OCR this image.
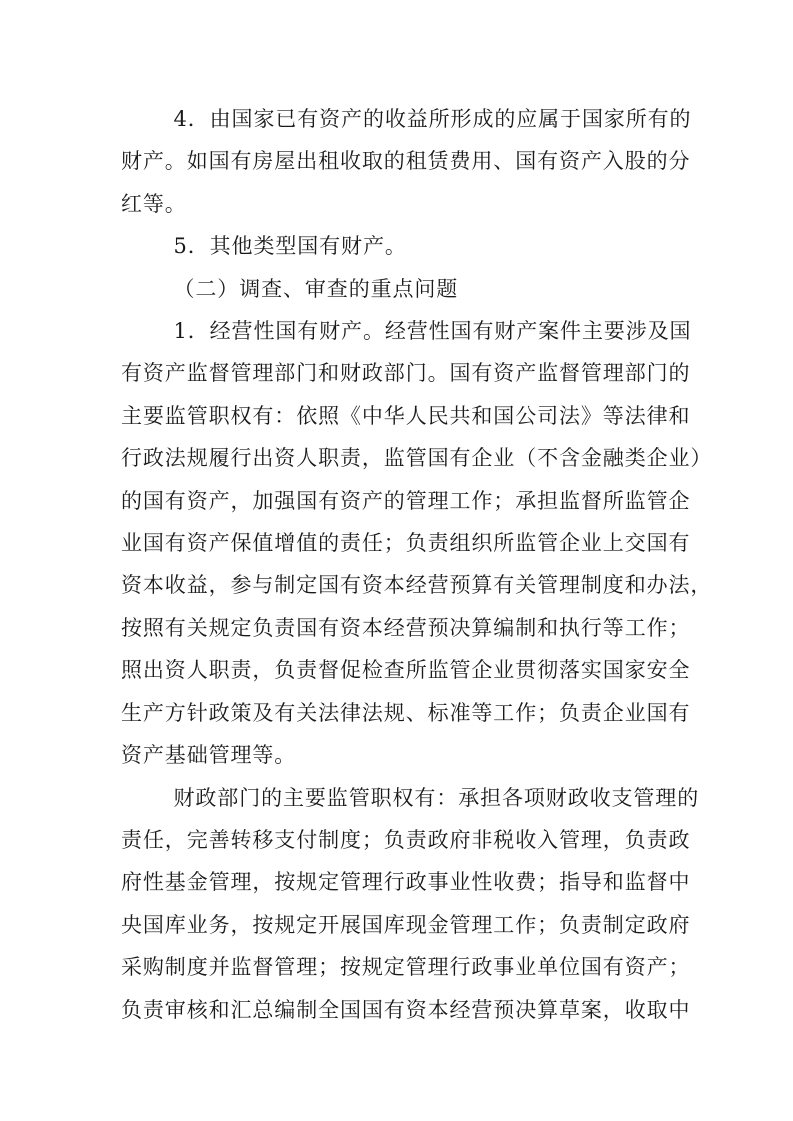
4．由国家已有资产的收益所形成的应属于国家所有的
财产。如国有房屋出租收取的租赁费用、国有资产入股的分
红等。

5．其他类型国有财产。

（二）调查、审查的重点问题

1．经营性国有财产。经营性国有财产案件主要涉及国
有资产监督管理部门和财政部门。国有资产监督管理部门的
主要监管职权有：依照《中华人民共和国公司法》等法律和
行政法规履行出资人职责，监管国有企业（不含金融类企业）
的国有资产，加强国有资产的管理工作；承担监督所监管企
业国有资产保值增值的责任；负责组织所监管企业上交国有
资本收益，参与制定国有资本经营预算有关管理制度和办法，
按照有关规定负责国有资本经营预决算编制和执行等工作；
照出资人职责，负责督促检查所监管企业贯彻落实国家安全
生产方针政策及有关法律法规、标准等工作；负责企业国有
资产基础管理等。

财政部门的主要监管职权有：承担各项财政收支管理的
责任，完善转移支付制度；负责政府非税收入管理，负责政
府性基金管理，按规定管理行政事业性收费；指导和监督中
央国库业务，按规定开展国库现金管理工作；负责制定政府
采购制度并监督管理；按规定管理行政事业单位国有资产；
负责审核和汇总编制全国国有资本经营预决算草案，收取中
